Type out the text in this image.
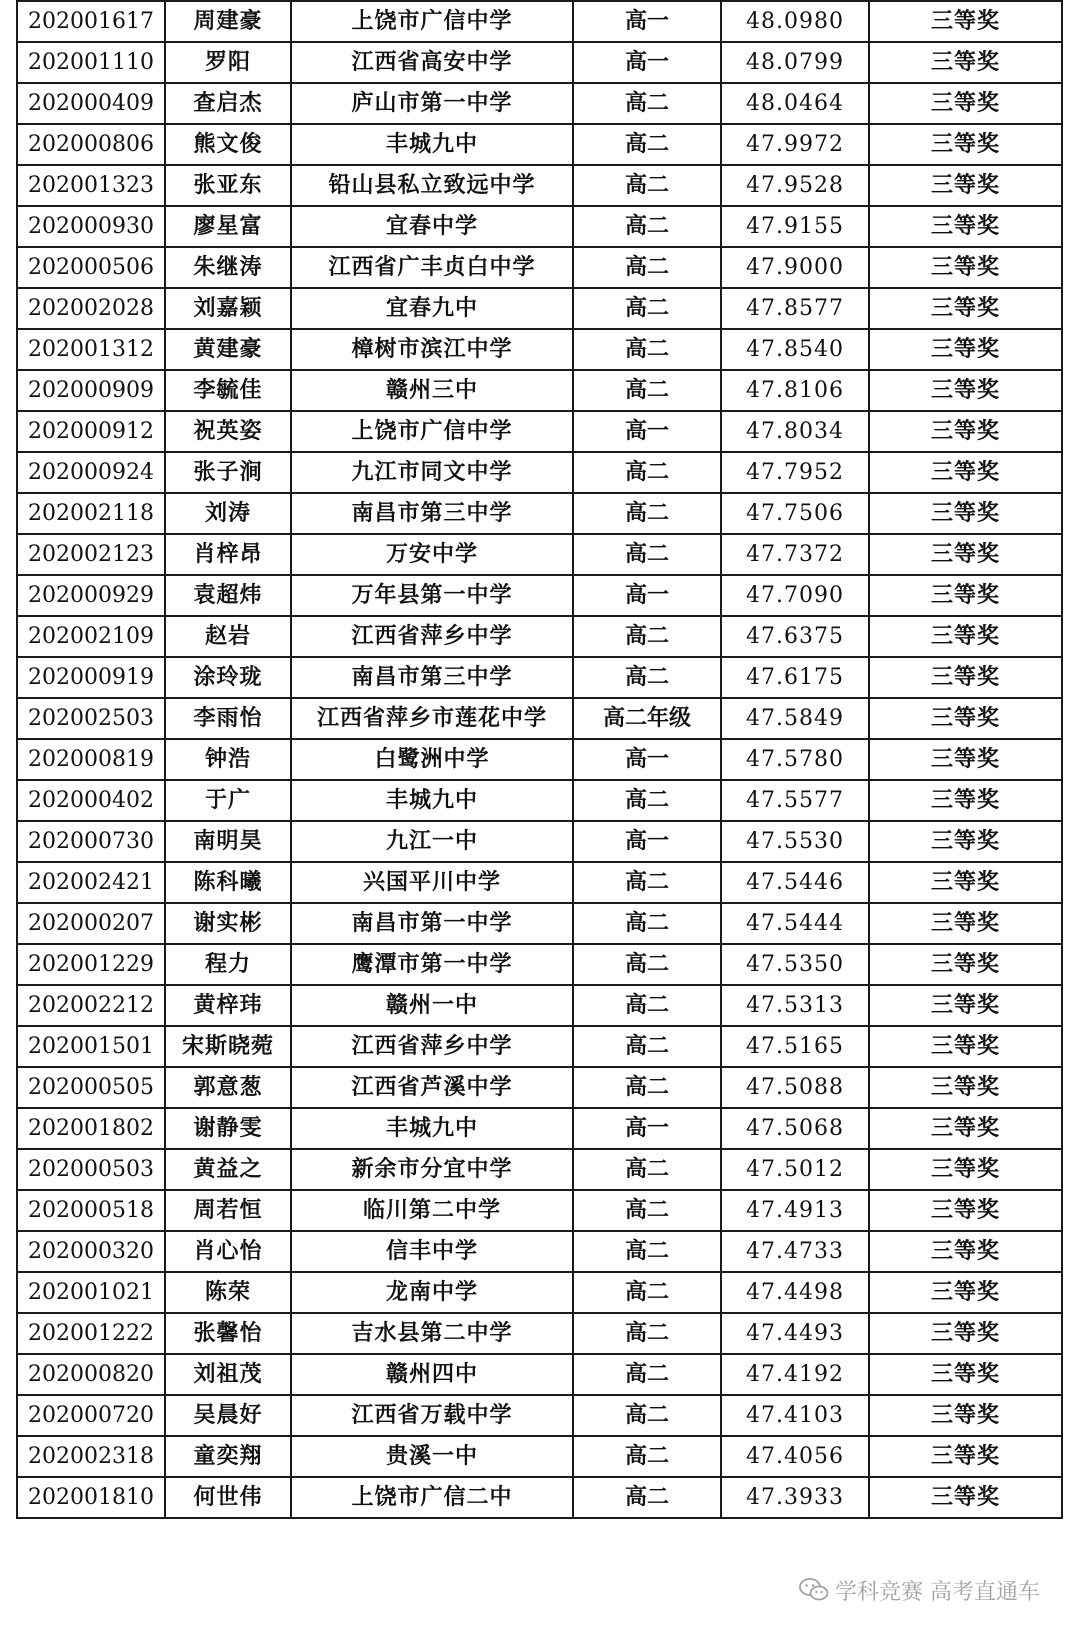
202001617	周建豪	上饶市广信中学	高一	48.0980	三等奖
202001110	罗阳	江西省高安中学	高一	48.0799	三等奖
202000409	查启杰	庐山市第一中学	高二	48.0464	三等奖
202000806	熊文俊	丰城九中	高二	47.9972	三等奖
202001323	张亚东	铅山县私立致远中学	高二	47.9528	三等奖
202000930	廖星富	宜春中学	高二	47.9155	三等奖
202000506	朱继涛	江西省广丰贞白中学	高二	47.9000	三等奖
202002028	刘嘉颖	宜春九中	高二	47.8577	三等奖
202001312	黄建豪	樟树市滨江中学	高二	47.8540	三等奖
202000909	李毓佳	赣州三中	高二	47.8106	三等奖
202000912	祝英姿	上饶市广信中学	高一	47.8034	三等奖
202000924	张子涧	九江市同文中学	高二	47.7952	三等奖
202002118	刘涛	南昌市第三中学	高二	47.7506	三等奖
202002123	肖梓昂	万安中学	高二	47.7372	三等奖
202000929	袁超炜	万年县第一中学	高一	47.7090	三等奖
202002109	赵岩	江西省萍乡中学	高二	47.6375	三等奖
202000919	涂玲珑	南昌市第三中学	高二	47.6175	三等奖
202002503	李雨怡	江西省萍乡市莲花中学	高二年级	47.5849	三等奖
202000819	钟浩	白鹭洲中学	高一	47.5780	三等奖
202000402	于广	丰城九中	高二	47.5577	三等奖
202000730	南明昊	九江一中	高一	47.5530	三等奖
202002421	陈科曦	兴国平川中学	高二	47.5446	三等奖
202000207	谢实彬	南昌市第一中学	高二	47.5444	三等奖
202001229	程力	鹰潭市第一中学	高二	47.5350	三等奖
202002212	黄梓玮	赣州一中	高二	47.5313	三等奖
202001501	宋斯晓菀	江西省萍乡中学	高二	47.5165	三等奖
202000505	郭意葱	江西省芦溪中学	高二	47.5088	三等奖
202001802	谢静雯	丰城九中	高一	47.5068	三等奖
202000503	黄益之	新余市分宜中学	高二	47.5012	三等奖
202000518	周若恒	临川第二中学	高二	47.4913	三等奖
202000320	肖心怡	信丰中学	高二	47.4733	三等奖
202001021	陈荣	龙南中学	高二	47.4498	三等奖
202001222	张馨怡	吉水县第二中学	高二	47.4493	三等奖
202000820	刘祖茂	赣州四中	高二	47.4192	三等奖
202000720	吴晨好	江西省万载中学	高二	47.4103	三等奖
202002318	童奕翔	贵溪一中	高二	47.4056	三等奖
202001810	何世伟	上饶市广信二中	高二	47.3933	三等奖
学科竞赛 高考直通车
